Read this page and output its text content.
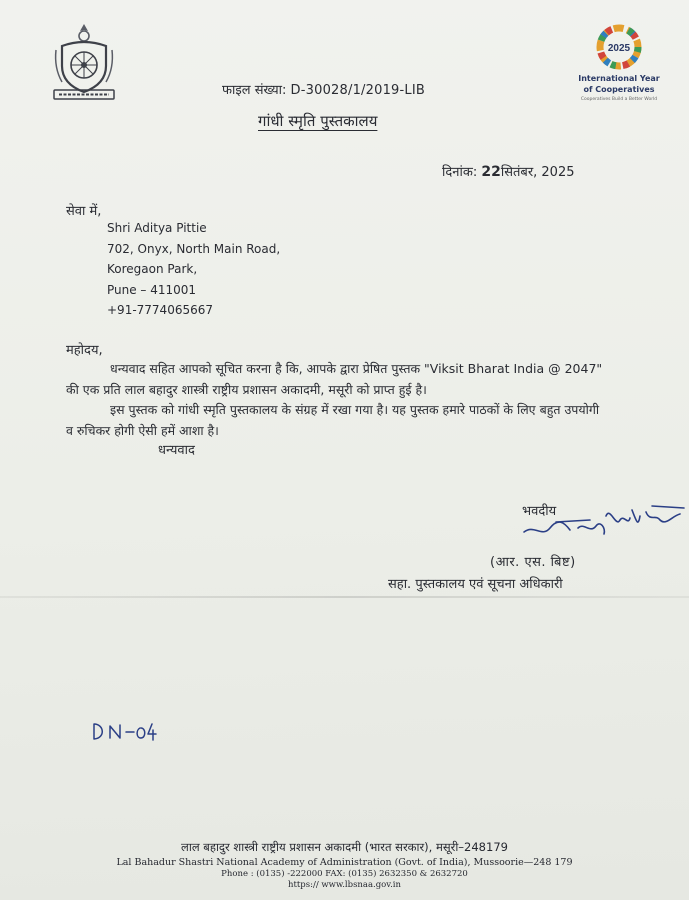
2025
International Year
of Cooperatives
Cooperatives Build a Better World
फाइल संख्या: D-30028/1/2019-LIB
गांधी स्मृति पुस्तकालय
दिनांक: 22सितंबर, 2025
सेवा में,
Shri Aditya Pittie
702, Onyx, North Main Road,
Koregaon Park,
Pune – 411001
+91-7774065667
महोदय,
धन्यवाद सहित आपको सूचित करना है कि, आपके द्वारा प्रेषित पुस्तक "Viksit Bharat India @ 2047" की एक प्रति लाल बहादुर शास्त्री राष्ट्रीय प्रशासन अकादमी, मसूरी को प्राप्त हुई है।
इस पुस्तक को गांधी स्मृति पुस्तकालय के संग्रह में रखा गया है। यह पुस्तक हमारे पाठकों के लिए बहुत उपयोगी व रुचिकर होगी ऐसी हमें आशा है।
धन्यवाद
भवदीय
(आर. एस. बिष्ट)
सहा. पुस्तकालय एवं सूचना अधिकारी
लाल बहादुर शास्त्री राष्ट्रीय प्रशासन अकादमी (भारत सरकार), मसूरी–248179
Lal Bahadur Shastri National Academy of Administration (Govt. of India), Mussoorie—248 179
Phone : (0135) -222000 FAX: (0135) 2632350 & 2632720
https:// www.lbsnaa.gov.in
